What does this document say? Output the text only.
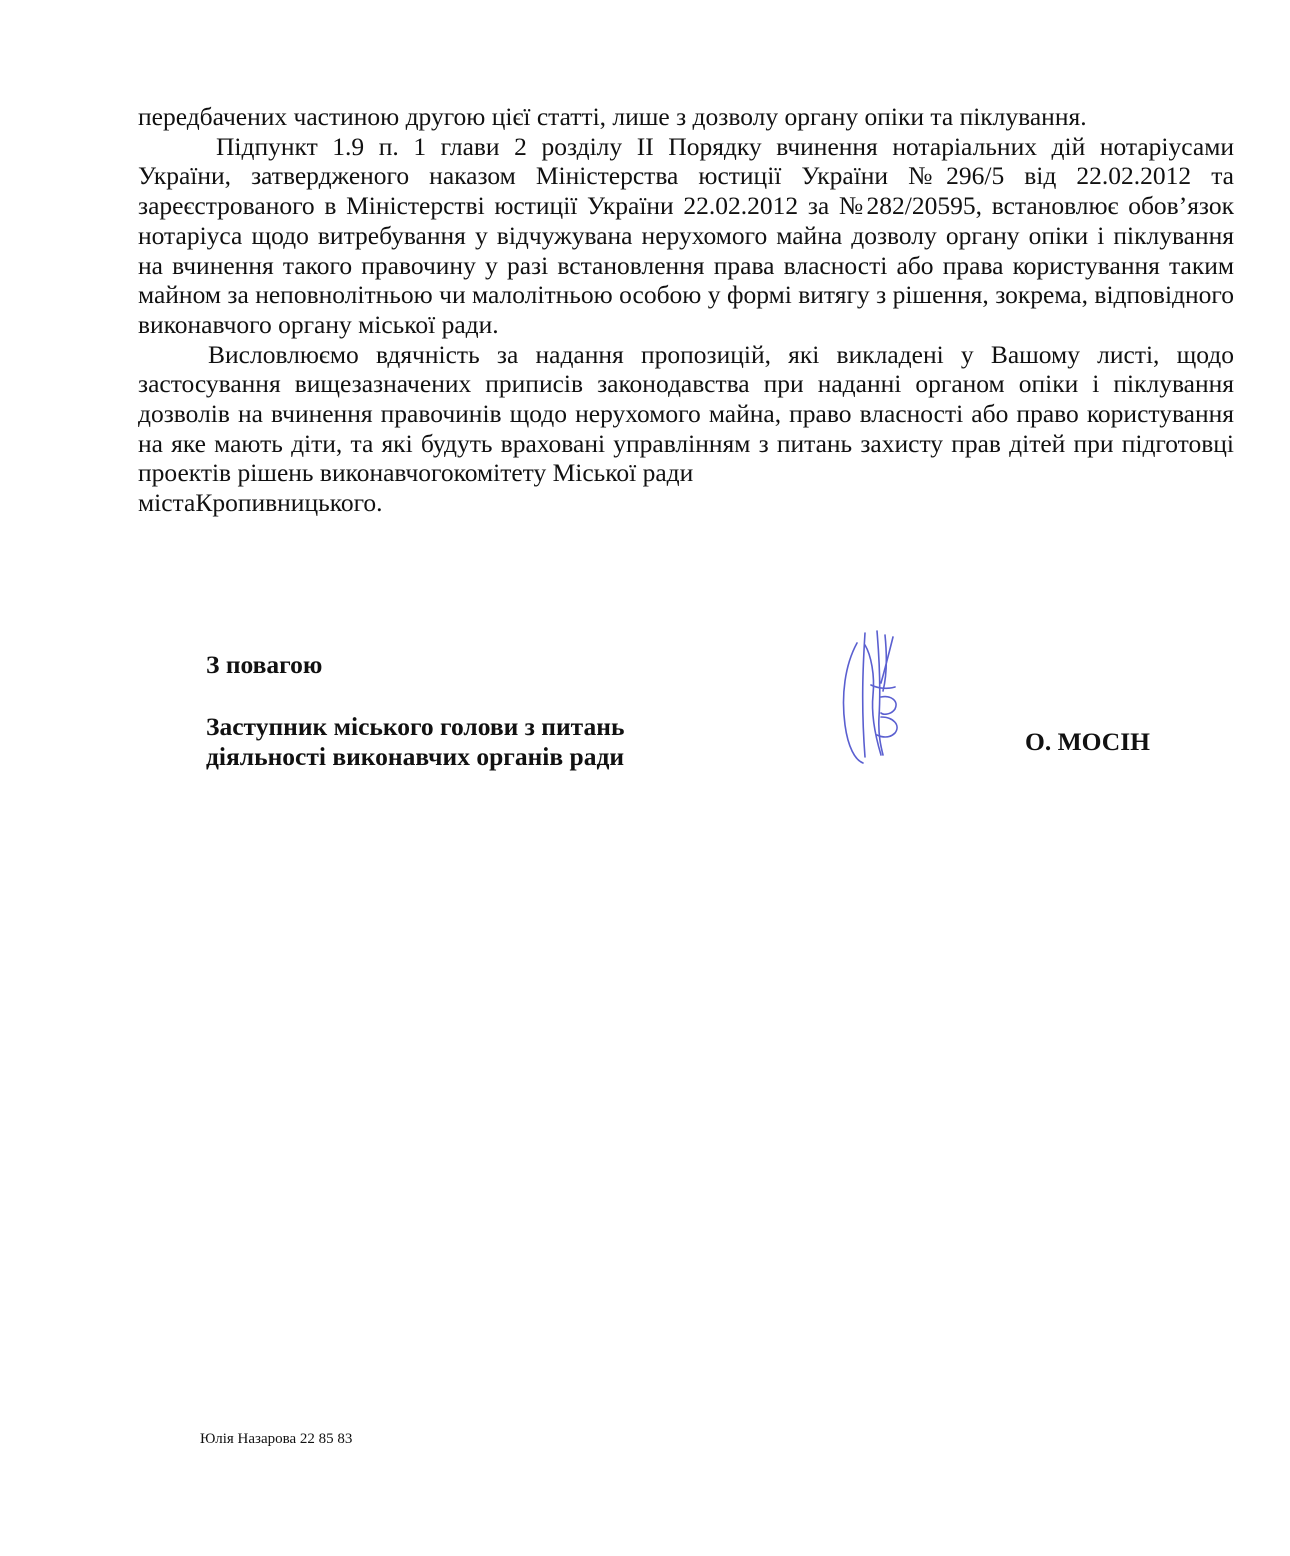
передбачених частиною другою цієї статті, лише з дозволу органу опіки та піклування.

Підпункт 1.9 п. 1 глави 2 розділу II Порядку вчинення нотаріальних дій нотаріусами України, затвердженого наказом Міністерства юстиції України №296/5 від 22.02.2012 та зареєстрованого в Міністерстві юстиції України 22.02.2012 за №282/20595, встановлює обов’язок нотаріуса щодо витребування у відчужувана нерухомого майна дозволу органу опіки і піклування на вчинення такого правочину у разі встановлення права власності або права користування таким майном за неповнолітньою чи малолітньою особою у формі витягу з рішення, зокрема, відповідного виконавчого органу міської ради.

Висловлюємо вдячність за надання пропозицій, які викладені у Вашому листі, щодо застосування вищезазначених приписів законодавства при наданні органом опіки і піклування дозволів на вчинення правочинів щодо нерухомого майна, право власності або право користування на яке мають діти, та які будуть враховані управлінням з питань захисту прав дітей при підготовці проектів рішень виконавчогокомітету Міської ради

містаКропивницького.

З повагою

Заступник міського голови з питань

діяльності виконавчих органів ради

О. МОСІН
Юлія Назарова 22 85 83
